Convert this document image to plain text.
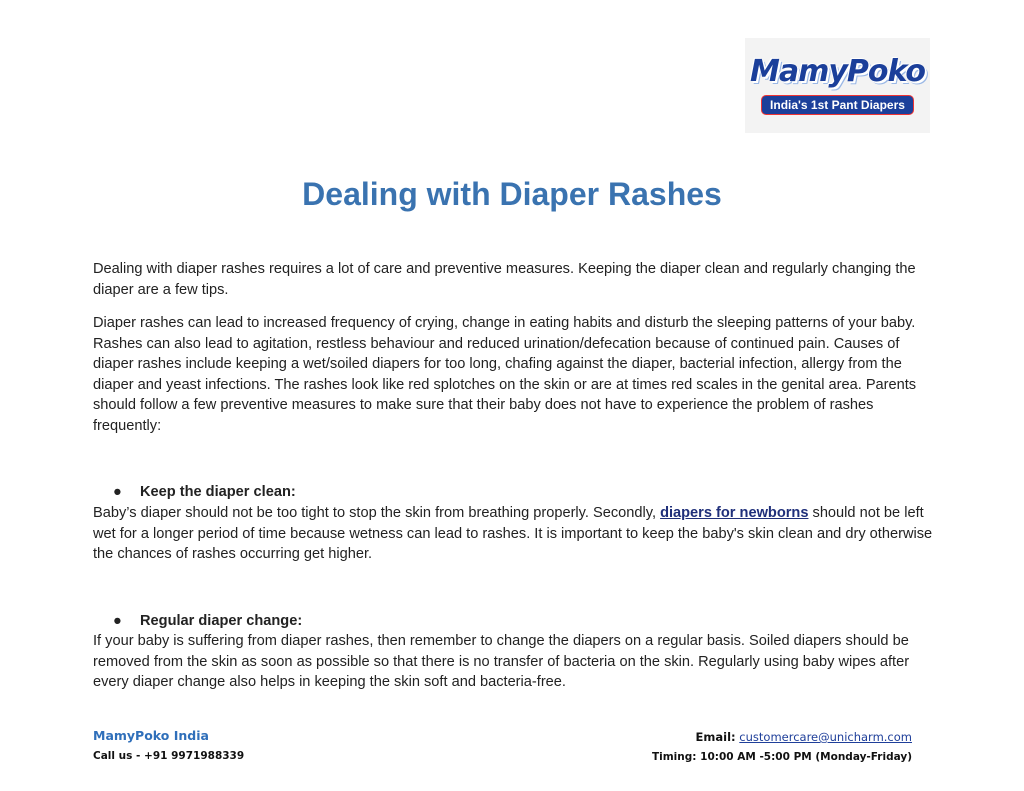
MamyPoko
India's 1st Pant Diapers
Dealing with Diaper Rashes

Dealing with diaper rashes requires a lot of care and preventive measures. Keeping the diaper clean and regularly changing the diaper are a few tips.

Diaper rashes can lead to increased frequency of crying, change in eating habits and disturb the sleeping patterns of your baby. Rashes can also lead to agitation, restless behaviour and reduced urination/defecation because of continued pain. Causes of diaper rashes include keeping a wet/soiled diapers for too long, chafing against the diaper, bacterial infection, allergy from the diaper and yeast infections. The rashes look like red splotches on the skin or are at times red scales in the genital area. Parents should follow a few preventive measures to make sure that their baby does not have to experience the problem of rashes frequently:

● Keep the diaper clean:

Baby’s diaper should not be too tight to stop the skin from breathing properly. Secondly, diapers for newborns should not be left wet for a longer period of time because wetness can lead to rashes. It is important to keep the baby's skin clean and dry otherwise the chances of rashes occurring get higher.

● Regular diaper change:

If your baby is suffering from diaper rashes, then remember to change the diapers on a regular basis. Soiled diapers should be removed from the skin as soon as possible so that there is no transfer of bacteria on the skin. Regularly using baby wipes after every diaper change also helps in keeping the skin soft and bacteria-free.

MamyPoko India
Call us - +91 9971988339
Email: customercare@unicharm.com
Timing: 10:00 AM -5:00 PM (Monday-Friday)
